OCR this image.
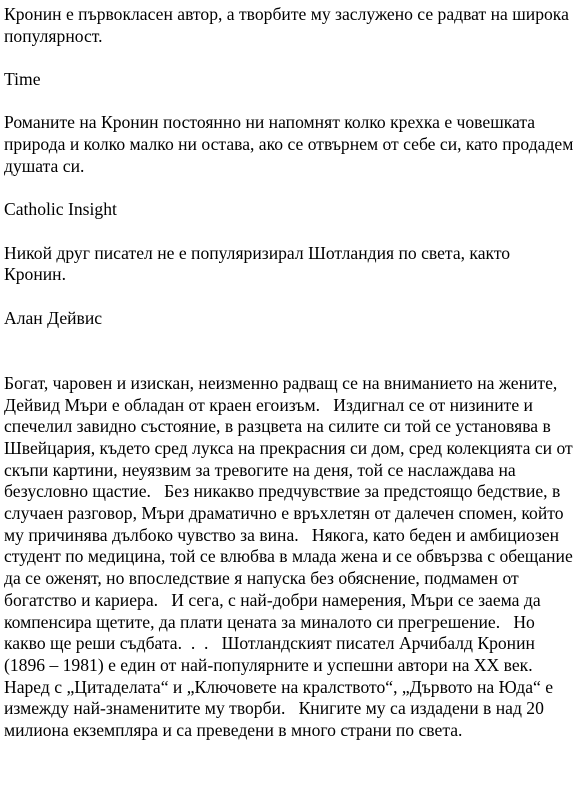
Кронин е първокласен автор, а творбите му заслужено се радват на широка популярност.

Time

Романите на Кронин постоянно ни напомнят колко крехка е човешката природа и колко малко ни остава, ако се отвърнем от себе си, като продадем душата си.

Catholic Insight

Никой друг писател не е популяризирал Шотландия по света, както Кронин.

Алан Дейвис

Богат, чаровен и изискан, неизменно радващ се на вниманието на жените, Дейвид Мъри е обладан от краен егоизъм.   Издигнал се от низините и спечелил завидно състояние, в разцвета на силите си той се установява в Швейцария, където сред лукса на прекрасния си дом, сред колекцията си от скъпи картини, неуязвим за тревогите на деня, той се наслаждава на безусловно щастие.   Без никакво предчувствие за предстоящо бедствие, в случаен разговор, Мъри драматично е връхлетян от далечен спомен, който му причинява дълбоко чувство за вина.   Някога, като беден и амбициозен студент по медицина, той се влюбва в млада жена и се обвързва с обещание да се оженят, но впоследствие я напуска без обяснение, подмамен от богатство и кариера.   И сега, с най-добри намерения, Мъри се заема да компенсира щетите, да плати цената за миналото си прегрешение.   Но какво ще реши съдбата.  .  .   Шотландският писател Арчибалд Кронин (1896 – 1981) е един от най-популярните и успешни автори на XX век.   Наред с „Цитаделата“ и „Ключовете на кралството“, „Дървото на Юда“ е измежду най-знаменитите му творби.   Книгите му са издадени в над 20 милиона екземпляра и са преведени в много страни по света.
